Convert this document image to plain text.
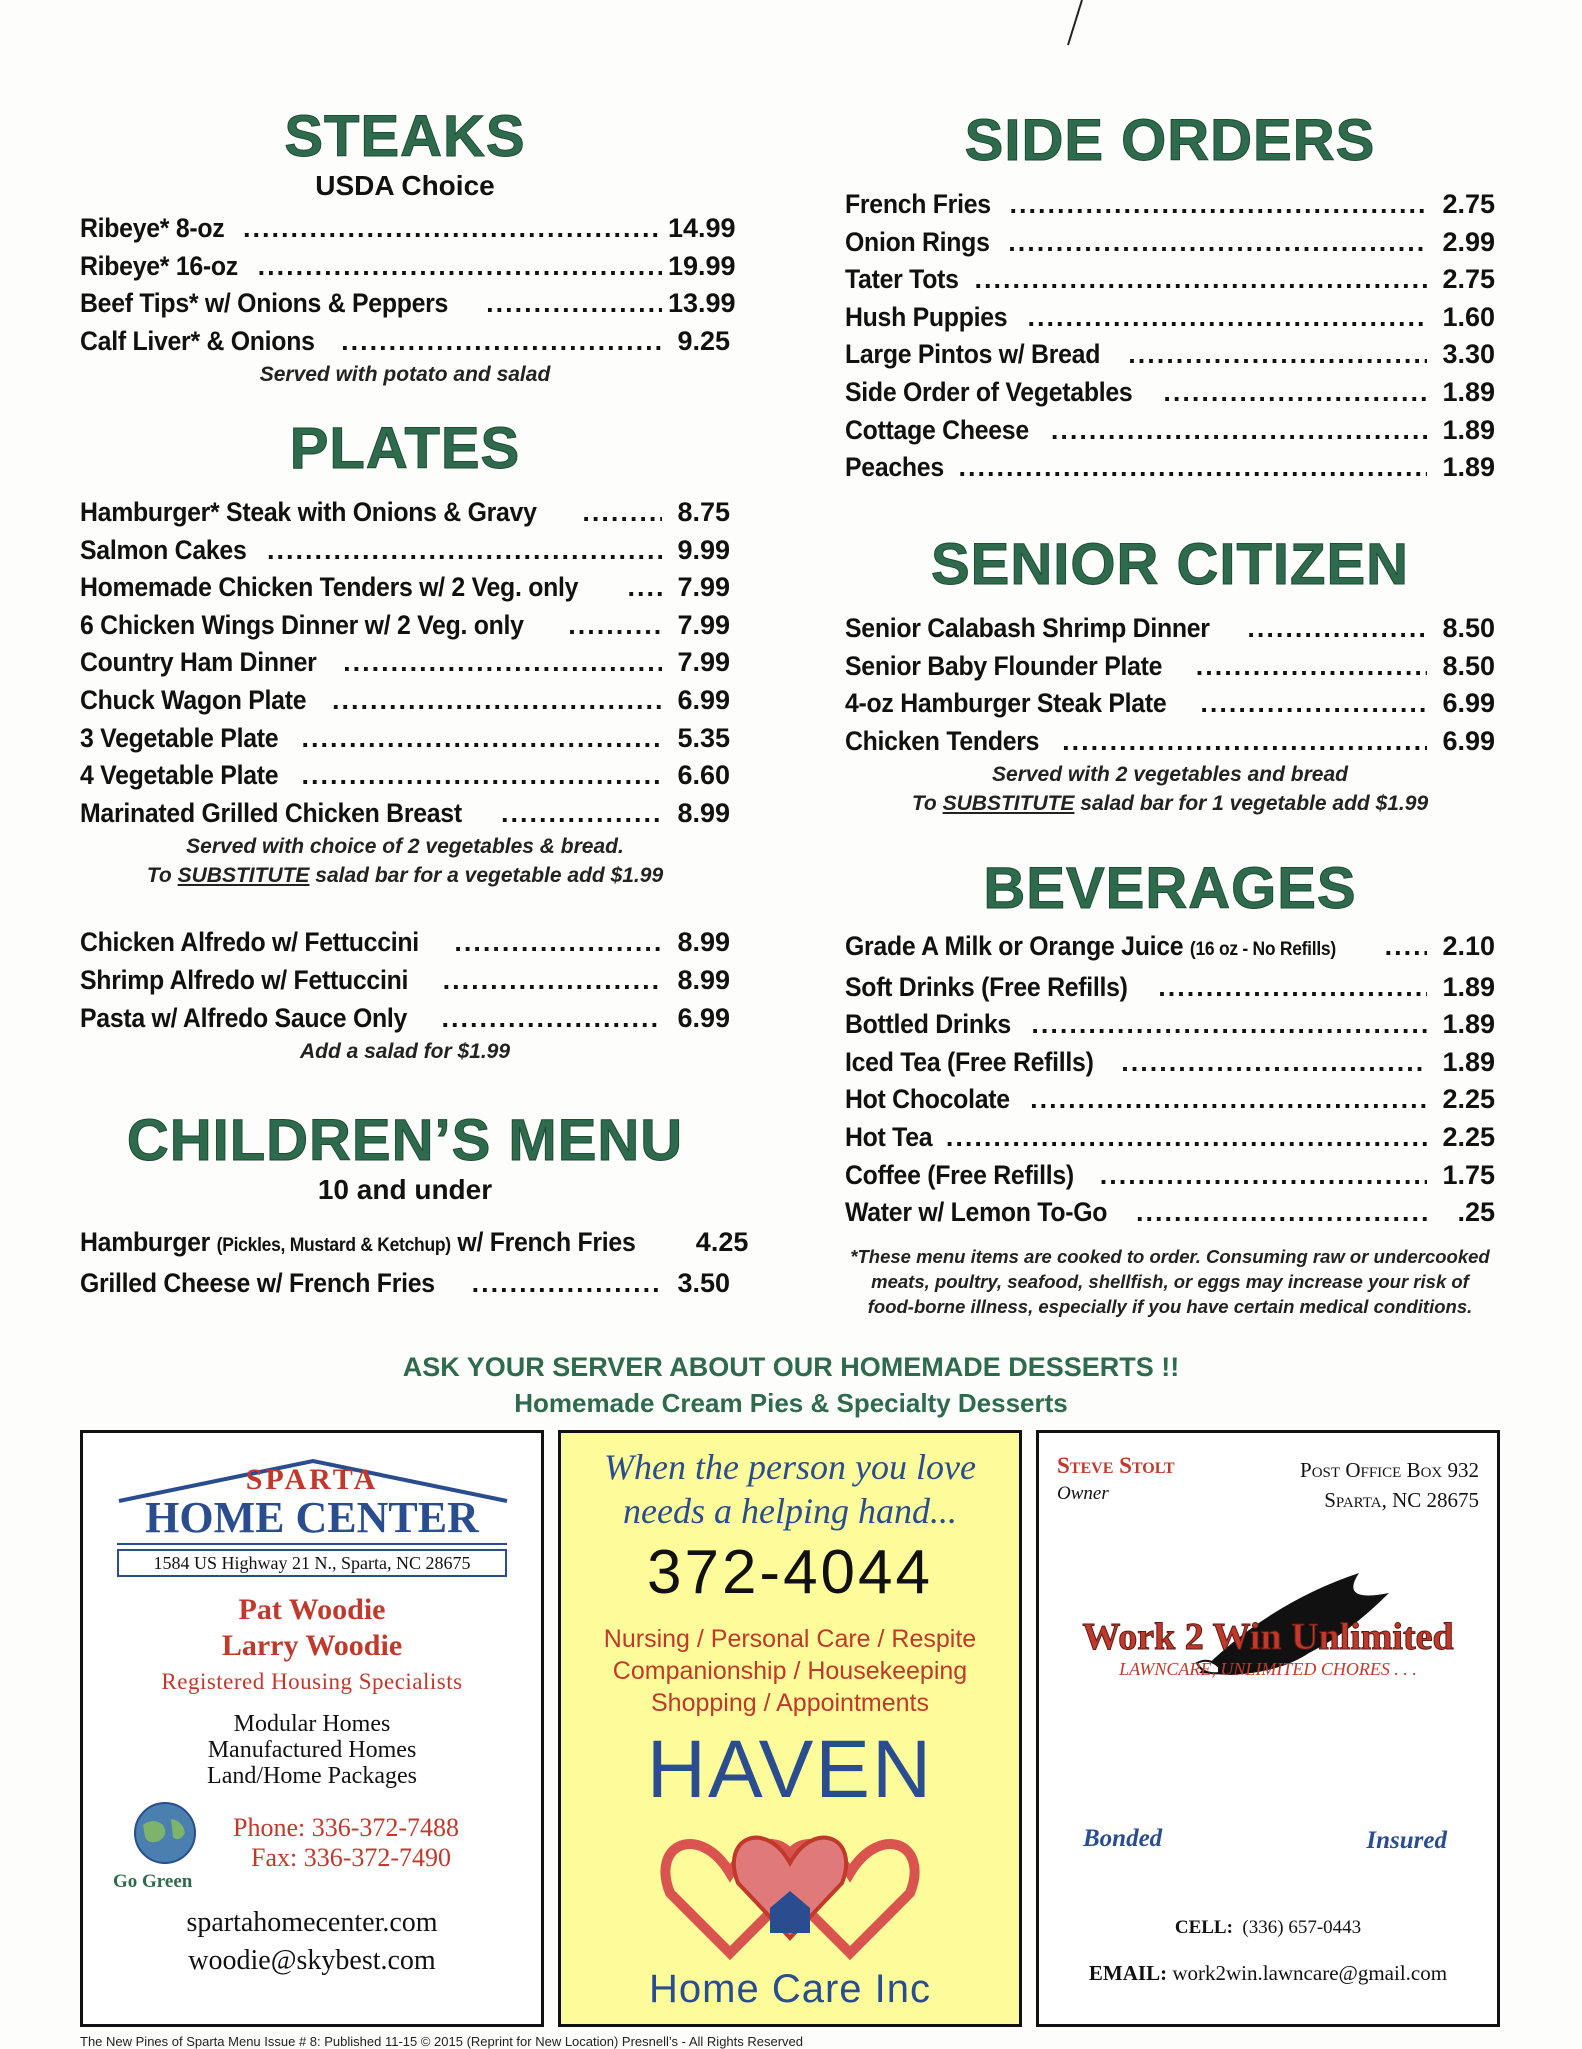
STEAKS
USDA Choice
Ribeye* 8-oz .....	14.99
Ribeye* 16-oz .....	19.99
Beef Tips* w/ Onions & Peppers .....	13.99
Calf Liver* & Onions .....	9.25
Served with potato and salad
PLATES
Hamburger* Steak with Onions & Gravy .....	8.75
Salmon Cakes .....	9.99
Homemade Chicken Tenders w/ 2 Veg. only .....	7.99
6 Chicken Wings Dinner w/ 2 Veg. only .....	7.99
Country Ham Dinner .....	7.99
Chuck Wagon Plate .....	6.99
3 Vegetable Plate .....	5.35
4 Vegetable Plate .....	6.60
Marinated Grilled Chicken Breast .....	8.99
Served with choice of 2 vegetables & bread.
To SUBSTITUTE salad bar for a vegetable add $1.99
Chicken Alfredo w/ Fettuccini .....	8.99
Shrimp Alfredo w/ Fettuccini .....	8.99
Pasta w/ Alfredo Sauce Only .....	6.99
Add a salad for $1.99
CHILDREN’S MENU
10 and under
Hamburger (Pickles, Mustard & Ketchup) w/ French Fries 4.25
Grilled Cheese w/ French Fries .....	3.50
SIDE ORDERS
French Fries .....	2.75
Onion Rings .....	2.99
Tater Tots .....	2.75
Hush Puppies .....	1.60
Large Pintos w/ Bread .....	3.30
Side Order of Vegetables .....	1.89
Cottage Cheese .....	1.89
Peaches .....	1.89
SENIOR CITIZEN
Senior Calabash Shrimp Dinner .....	8.50
Senior Baby Flounder Plate .....	8.50
4-oz Hamburger Steak Plate .....	6.99
Chicken Tenders .....	6.99
Served with 2 vegetables and bread
To SUBSTITUTE salad bar for 1 vegetable add $1.99
BEVERAGES
Grade A Milk or Orange Juice (16 oz - No Refills) .....	2.10
Soft Drinks (Free Refills) .....	1.89
Bottled Drinks .....	1.89
Iced Tea (Free Refills) .....	1.89
Hot Chocolate .....	2.25
Hot Tea .....	2.25
Coffee (Free Refills) .....	1.75
Water w/ Lemon To-Go .....	.25
*These menu items are cooked to order. Consuming raw or undercooked
meats, poultry, seafood, shellfish, or eggs may increase your risk of
food-borne illness, especially if you have certain medical conditions.
ASK YOUR SERVER ABOUT OUR HOMEMADE DESSERTS !!
Homemade Cream Pies & Specialty Desserts
SPARTA
HOME CENTER
1584 US Highway 21 N., Sparta, NC 28675
Pat Woodie
Larry Woodie
Registered Housing Specialists
Modular Homes
Manufactured Homes
Land/Home Packages
Go Green
Phone: 336-372-7488
Fax: 336-372-7490
spartahomecenter.com
woodie@skybest.com
When the person you love
needs a helping hand...
372-4044
Nursing / Personal Care / Respite
Companionship / Housekeeping
Shopping / Appointments
HAVEN
Home Care Inc
Steve Stolt
Owner
Post Office Box 932
Sparta, NC 28675
Work 2 Win Unlimited
LAWNCARE, UNLIMITED CHORES . . .
Bonded	Insured
CELL: (336) 657-0443
EMAIL: work2win.lawncare@gmail.com
The New Pines of Sparta Menu Issue # 8: Published 11-15 © 2015 (Reprint for New Location) Presnell’s - All Rights Reserved
